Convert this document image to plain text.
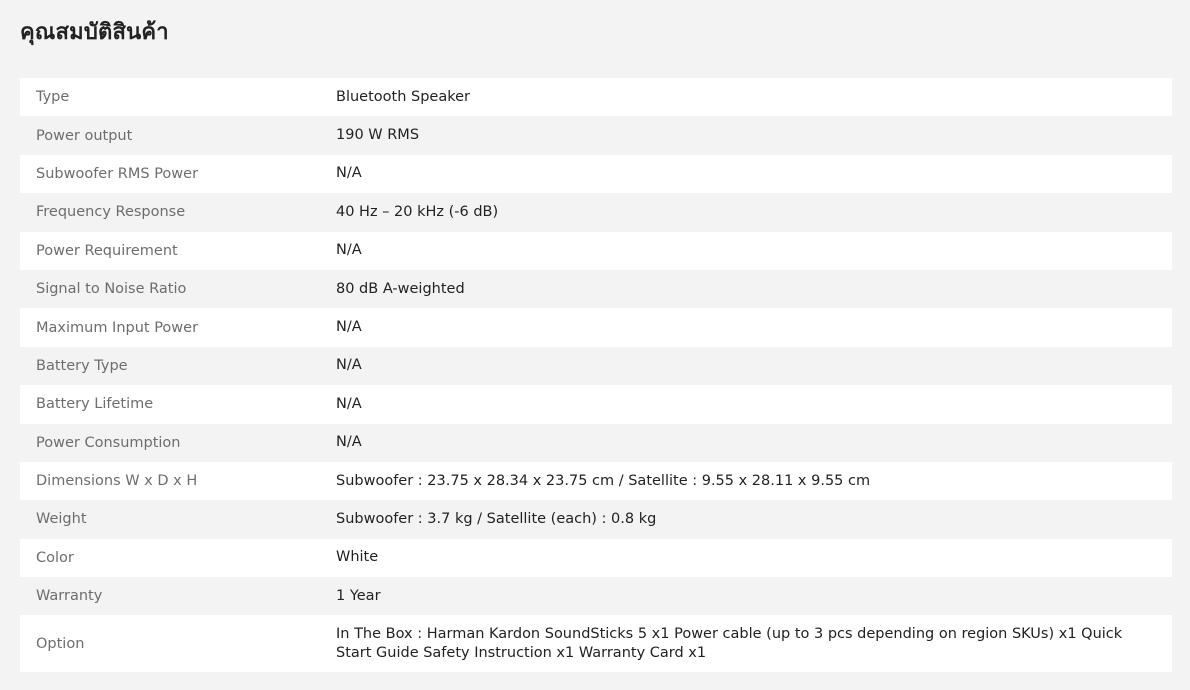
คุณสมบัติสินค้า
Type	Bluetooth Speaker
Power output	190 W RMS
Subwoofer RMS Power	N/A
Frequency Response	40 Hz – 20 kHz (-6 dB)
Power Requirement	N/A
Signal to Noise Ratio	80 dB A-weighted
Maximum Input Power	N/A
Battery Type	N/A
Battery Lifetime	N/A
Power Consumption	N/A
Dimensions W x D x H	Subwoofer : 23.75 x 28.34 x 23.75 cm / Satellite : 9.55 x 28.11 x 9.55 cm
Weight	Subwoofer : 3.7 kg / Satellite (each) : 0.8 kg
Color	White
Warranty	1 Year
Option	In The Box : Harman Kardon SoundSticks 5 x1 Power cable (up to 3 pcs depending on region SKUs) x1 Quick Start Guide Safety Instruction x1 Warranty Card x1
